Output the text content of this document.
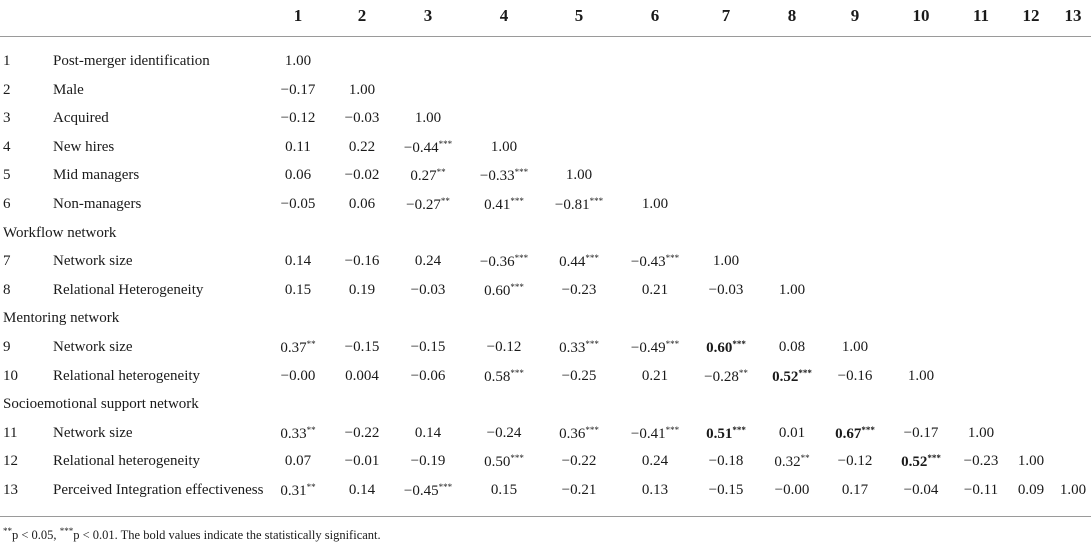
1	2	3	4	5	6	7	8	9	10	11	12	13
1	Post-merger identification	1.00
2	Male	−0.17	1.00
3	Acquired	−0.12	−0.03	1.00
4	New hires	0.11	0.22	−0.44***	1.00
5	Mid managers	0.06	−0.02	0.27**	−0.33***	1.00
6	Non-managers	−0.05	0.06	−0.27**	0.41***	−0.81***	1.00
Workflow network
7	Network size	0.14	−0.16	0.24	−0.36***	0.44***	−0.43***	1.00
8	Relational Heterogeneity	0.15	0.19	−0.03	0.60***	−0.23	0.21	−0.03	1.00
Mentoring network
9	Network size	0.37**	−0.15	−0.15	−0.12	0.33***	−0.49***	0.60***	0.08	1.00
10 Relational heterogeneity	−0.00	0.004	−0.06	0.58***	−0.25	0.21	−0.28**	0.52***	−0.16	1.00
Socioemotional support network
11 Network size	0.33**	−0.22	0.14	−0.24	0.36***	−0.41***	0.51***	0.01	0.67***	−0.17	1.00
12 Relational heterogeneity	0.07	−0.01	−0.19	0.50***	−0.22	0.24	−0.18	0.32**	−0.12	0.52***	−0.23	1.00
13 Perceived Integration effectiveness	0.31**	0.14	−0.45***	0.15	−0.21	0.13	−0.15	−0.00	0.17	−0.04	−0.11	0.09	1.00
**p < 0.05, ***p < 0.01. The bold values indicate the statistically significant.
